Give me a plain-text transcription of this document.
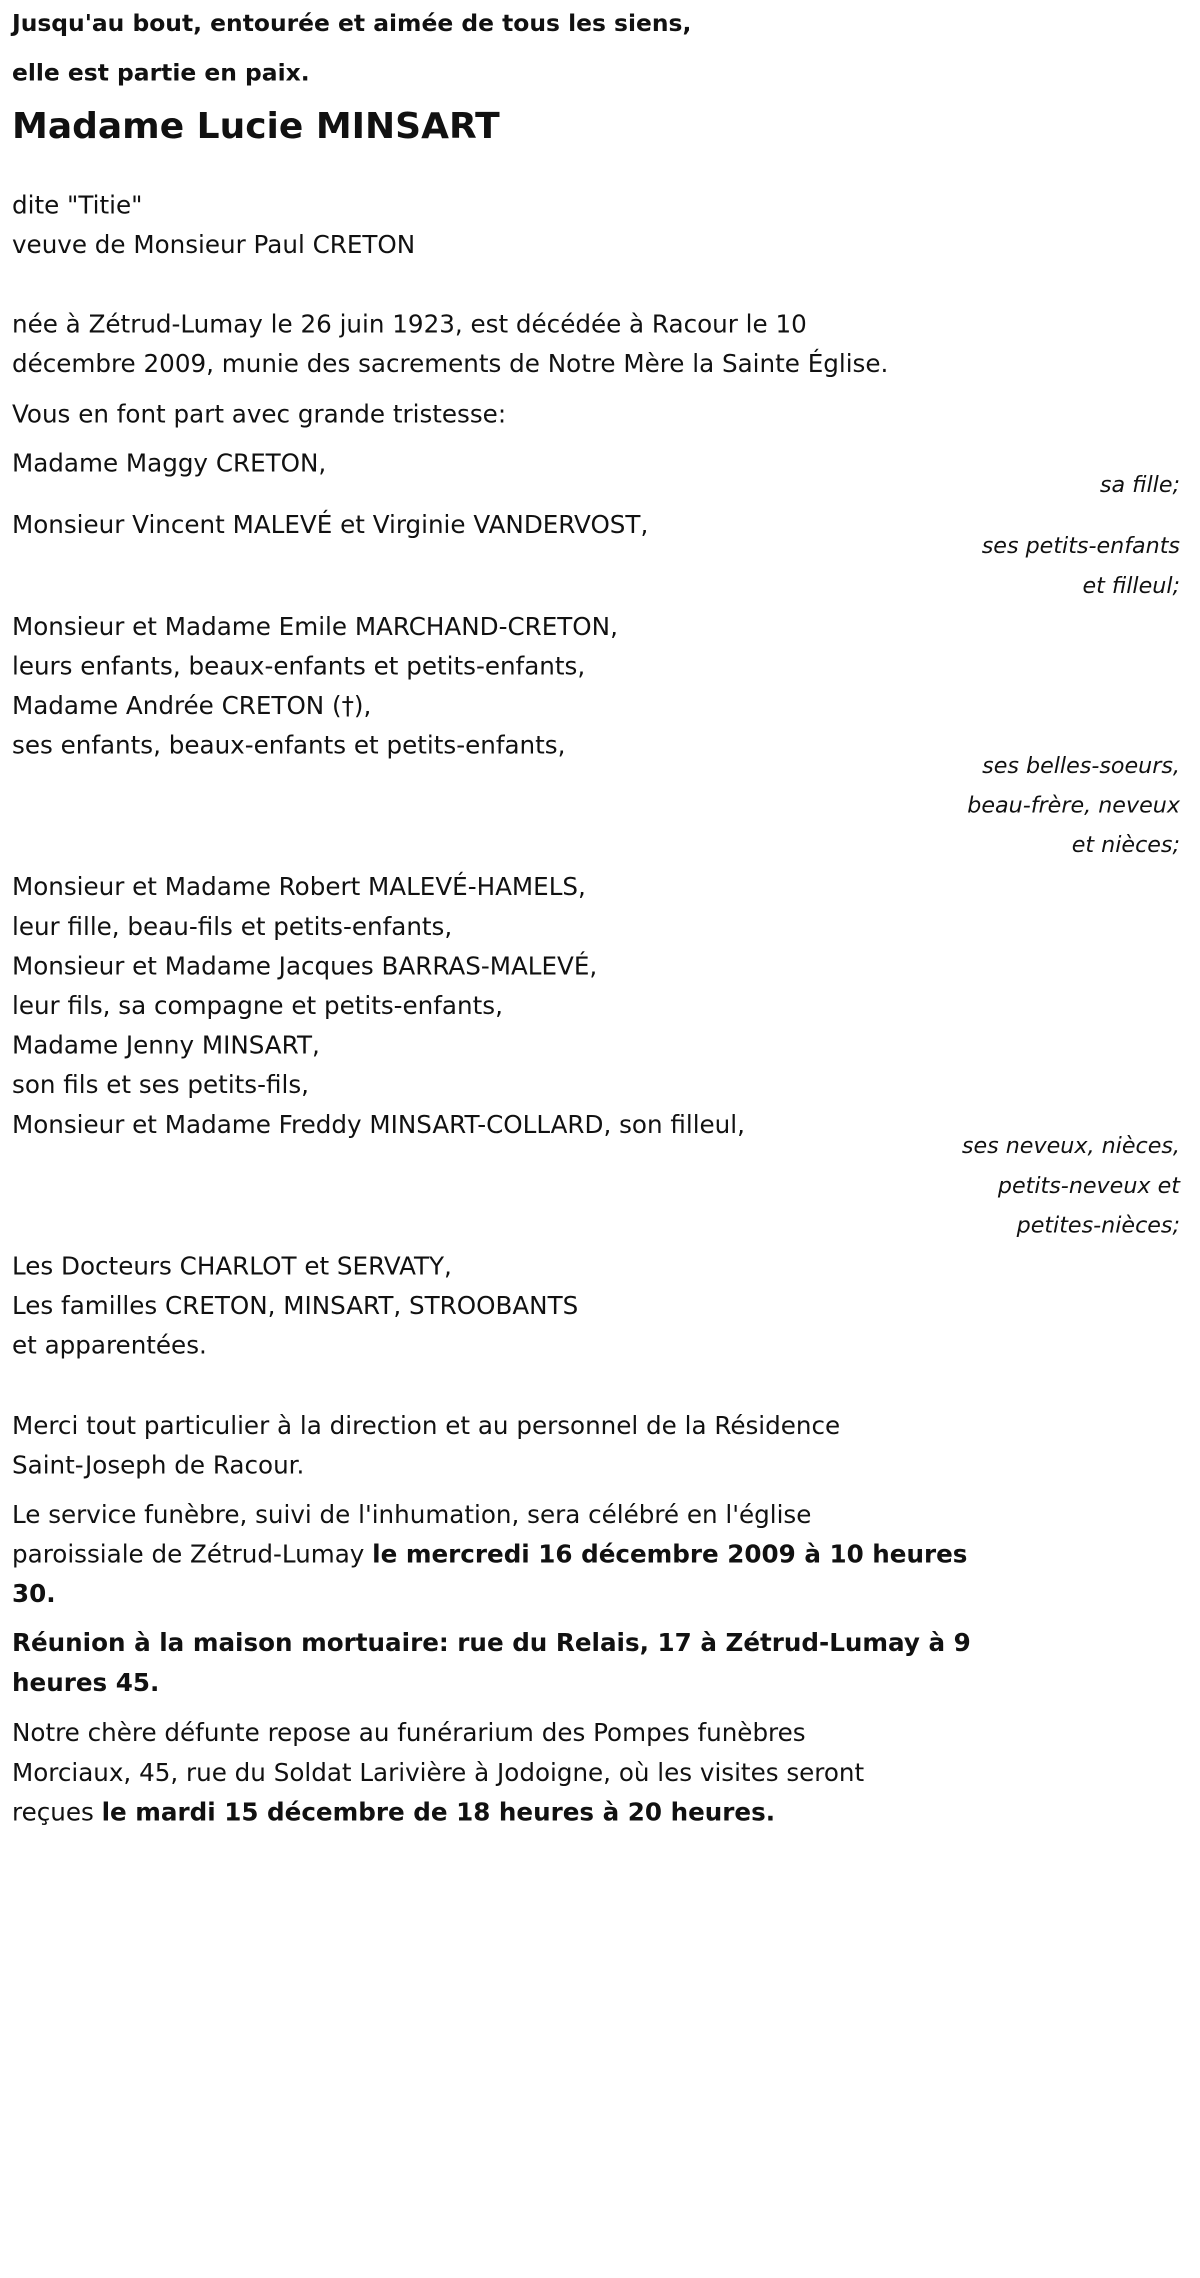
Jusqu'au bout, entourée et aimée de tous les siens,
elle est partie en paix.
Madame Lucie MINSART
dite "Titie"
veuve de Monsieur Paul CRETON
née à Zétrud-Lumay le 26 juin 1923, est décédée à Racour le 10
décembre 2009, munie des sacrements de Notre Mère la Sainte Église.
Vous en font part avec grande tristesse:
Madame Maggy CRETON,
sa fille;
Monsieur Vincent MALEVÉ et Virginie VANDERVOST,
ses petits-enfants
et filleul;
Monsieur et Madame Emile MARCHAND-CRETON,
leurs enfants, beaux-enfants et petits-enfants,
Madame Andrée CRETON (†),
ses enfants, beaux-enfants et petits-enfants,
ses belles-soeurs,
beau-frère, neveux
et nièces;
Monsieur et Madame Robert MALEVÉ-HAMELS,
leur fille, beau-fils et petits-enfants,
Monsieur et Madame Jacques BARRAS-MALEVÉ,
leur fils, sa compagne et petits-enfants,
Madame Jenny MINSART,
son fils et ses petits-fils,
Monsieur et Madame Freddy MINSART-COLLARD, son filleul,
ses neveux, nièces,
petits-neveux et
petites-nièces;
Les Docteurs CHARLOT et SERVATY,
Les familles CRETON, MINSART, STROOBANTS
et apparentées.
Merci tout particulier à la direction et au personnel de la Résidence
Saint-Joseph de Racour.
Le service funèbre, suivi de l'inhumation, sera célébré en l'église
paroissiale de Zétrud-Lumay le mercredi 16 décembre 2009 à 10 heures
30.
Réunion à la maison mortuaire: rue du Relais, 17 à Zétrud-Lumay à 9
heures 45.
Notre chère défunte repose au funérarium des Pompes funèbres
Morciaux, 45, rue du Soldat Larivière à Jodoigne, où les visites seront
reçues le mardi 15 décembre de 18 heures à 20 heures.
